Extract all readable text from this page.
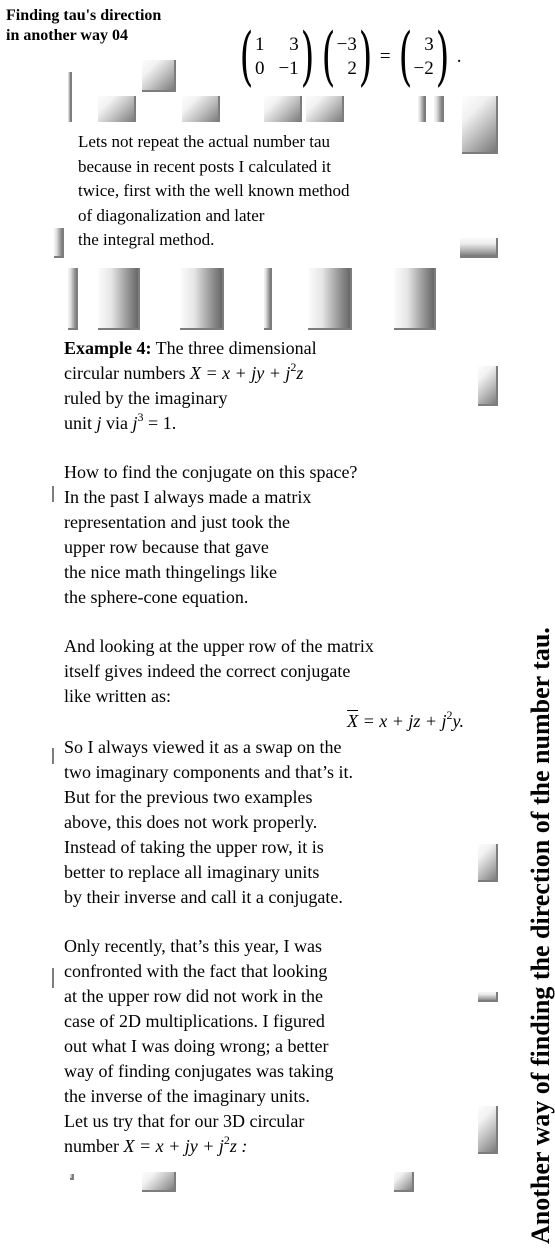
Finding tau's direction
in another way 04	( 1	3
0 −1 ) ( −3
2 ) = ( 3
−2 ) .
Lets not repeat the actual number tau
because in recent posts I calculated it
twice, first with the well known method
of diagonalization and later
the integral method.
Example 4: The three dimensional
circular numbers X = x + jy + $j^2z$
ruled by the imaginary
unit j via $j^3 = 1$.
How to find the conjugate on this space?
In the past I always made a matrix
representation and just took the
upper row because that gave
the nice math thingelings like
the sphere-cone equation.
And looking at the upper row of the matrix
itself gives indeed the correct conjugate
like written as:
$\overline{X} = x$ + jz + $j^2y$.
So I always viewed it as a swap on the
two imaginary components and that’s it.
But for the previous two examples
above, this does not work properly.
Instead of taking the upper row, it is
better to replace all imaginary units
by their inverse and call it a conjugate.
Only recently, that’s this year, I was
confronted with the fact that looking
at the upper row did not work in the
case of 2D multiplications. I figured
out what I was doing wrong; a better
way of finding conjugates was taking
the inverse of the imaginary units.
Let us try that for our 3D circular
number X = x + jy + $j^2z$ :	Another way of finding the direction of the number tau.
